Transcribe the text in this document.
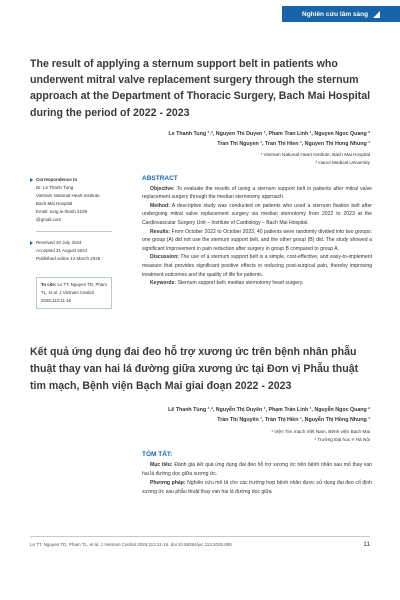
Nghiên cứu lâm sàng
The result of applying a sternum support belt in patients who underwent mitral valve replacement surgery through the sternum approach at the Department of Thoracic Surgery, Bach Mai Hospital during the period of 2022 - 2023
Le Thanh Tung ¹˒², Nguyen Thi Duyen ¹, Pham Tran Linh ¹, Nguyen Ngoc Quang ²
Tran Thi Nguyen ¹, Tran Thi Hien ¹, Nguyen Thi Hong Nhung ¹
¹ Vietnam National Heart Institute, Bach Mai Hospital
² Hanoi Medical University
Correspondence to
Dr. Le Thanh Tung
Vietnam National Heart Institute,
Bach Mai Hospital
Email: tung.le.thanh.2109
@gmail.com
Received 20 July 2024
Accepted 21 August 2024
Published online 14 March 2025
To cite: Le TT, Nguyen TD, Pham TL, et al. J Vietnam Cardiol 2025;113:11-16
ABSTRACT

Objective: To evaluate the results of using a sternum support belt in patients after mitral valve replacement surgery through the median sternotomy approach.

Method: A descriptive study was conducted on patients who used a sternum fixation belt after undergoing mitral valve replacement surgery via median sternotomy from 2022 to 2023 at the Cardiovascular Surgery Unit – Institute of Cardiology – Bach Mai Hospital.

Results: From October 2022 to October 2023, 40 patients were randomly divided into two groups: one group (A) did not use the sternum support belt, and the other group (B) did. The study showed a significant improvement in pain reduction after surgery in group B compared to group A.

Discussion: The use of a sternum support belt is a simple, cost-effective, and easy-to-implement measure that provides significant positive effects in reducing post-surgical pain, thereby improving treatment outcomes and the quality of life for patients.

Keywords: Sternum support belt; median sternotomy heart surgery.

Kết quả ứng dụng đai đeo hỗ trợ xương ức trên bệnh nhân phẫu thuật thay van hai lá đường giữa xương ức tại Đơn vị Phẫu thuật tim mạch, Bệnh viện Bạch Mai giai đoạn 2022 - 2023
Lê Thanh Tùng ¹˒², Nguyễn Thị Duyên ¹, Phạm Trần Linh ¹, Nguyễn Ngọc Quang ²
Trần Thị Nguyên ¹, Trần Thị Hiền ¹, Nguyễn Thị Hồng Nhung ¹
¹ Viện Tim mạch Việt Nam, Bệnh viện Bạch Mai
² Trường Đại học Y Hà Nội
TÓM TẮT:

Mục tiêu: Đánh giá kết quả ứng dụng đai đeo hỗ trợ xương ức trên bệnh nhân sau mổ thay van hai lá đường dọc giữa xương ức.

Phương pháp: Nghiên cứu mô tả cho các trường hợp bệnh nhân được sử dụng đai đeo cố định xương ức sau phẫu thuật thay van hai lá đường dọc giữa

Le TT, Nguyen TD, Pham TL, et al. J Vietnam Cardiol 2025;113:11-16. doi:10.58354/jvc.113.2025.895	11
